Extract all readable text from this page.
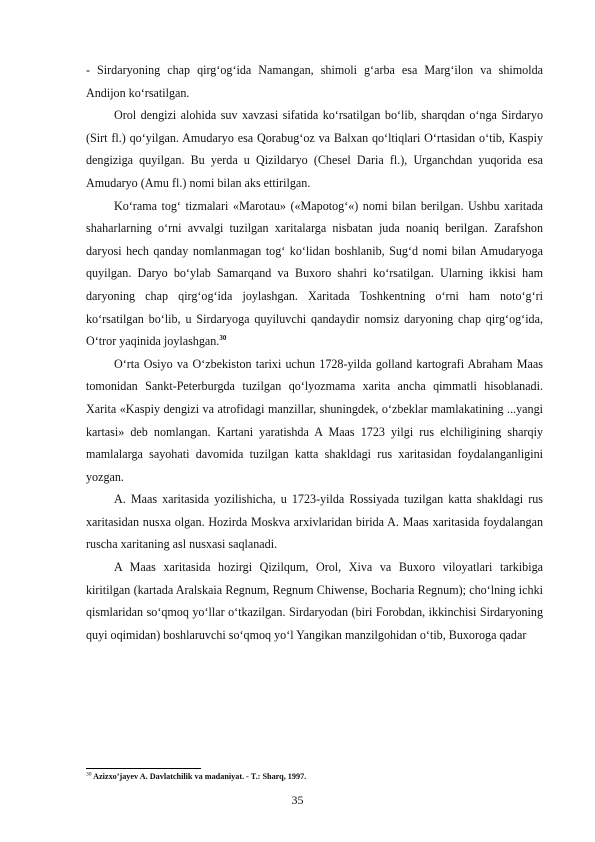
- Sirdaryoning chap qirg‘og‘ida Namangan, shimoli g‘arba esa Marg‘ilon va shimolda Andijon ko‘rsatilgan.

Orol dengizi alohida suv xavzasi sifatida ko‘rsatilgan bo‘lib, sharqdan o‘nga Sirdaryo (Sirt fl.) qo‘yilgan. Amudaryo esa Qorabug‘oz va Balxan qo‘ltiqlari O‘rtasidan o‘tib, Kaspiy dengiziga quyilgan. Bu yerda u Qizildaryo (Chesel Daria fl.), Urganchdan yuqorida esa Amudaryo (Amu fl.) nomi bilan aks ettirilgan.

Ko‘rama tog‘ tizmalari «Marotau» («Mapotog‘«) nomi bilan berilgan. Ushbu xaritada shaharlarning o‘rni avvalgi tuzilgan xaritalarga nisbatan juda noaniq berilgan. Zarafshon daryosi hech qanday nomlanmagan tog‘ ko‘lidan boshlanib, Sug‘d nomi bilan Amudaryoga quyilgan. Daryo bo‘ylab Samarqand va Buxoro shahri ko‘rsatilgan. Ularning ikkisi ham daryoning chap qirg‘og‘ida joylashgan. Xaritada Toshkentning o‘rni ham noto‘g‘ri ko‘rsatilgan bo‘lib, u Sirdaryoga quyiluvchi qandaydir nomsiz daryoning chap qirg‘og‘ida, O‘tror yaqinida joylashgan.$^{30}$

O‘rta Osiyo va O‘zbekiston tarixi uchun 1728-yilda golland kartografi Abraham Maas tomonidan Sankt-Peterburgda tuzilgan qo‘lyozmama xarita ancha qimmatli hisoblanadi. Xarita «Kaspiy dengizi va atrofidagi manzillar, shuningdek, o‘zbeklar mamlakatining ...yangi kartasi» deb nomlangan. Kartani yaratishda A Maas 1723 yilgi rus elchiligining sharqiy mamlalarga sayohati davomida tuzilgan katta shakldagi rus xaritasidan foydalanganligini yozgan.

A. Maas xaritasida yozilishicha, u 1723-yilda Rossiyada tuzilgan katta shakldagi rus xaritasidan nusxa olgan. Hozirda Moskva arxivlaridan birida A. Maas xaritasida foydalangan ruscha xaritaning asl nusxasi saqlanadi.

A Maas xaritasida hozirgi Qizilqum, Orol, Xiva va Buxoro viloyatlari tarkibiga kiritilgan (kartada Aralskaia Regnum, Regnum Chiwense, Bocharia Regnum); cho‘lning ichki qismlaridan so‘qmoq yo‘llar o‘tkazilgan. Sirdaryodan (biri Forobdan, ikkinchisi Sirdaryoning quyi oqimidan) boshlaruvchi so‘qmoq yo‘l Yangikan manzilgohidan o‘tib, Buxoroga qadar

$^{30}$ Azizxo’jayev A. Davlatchilik va madaniyat. - T.: Sharq, 1997.
35
